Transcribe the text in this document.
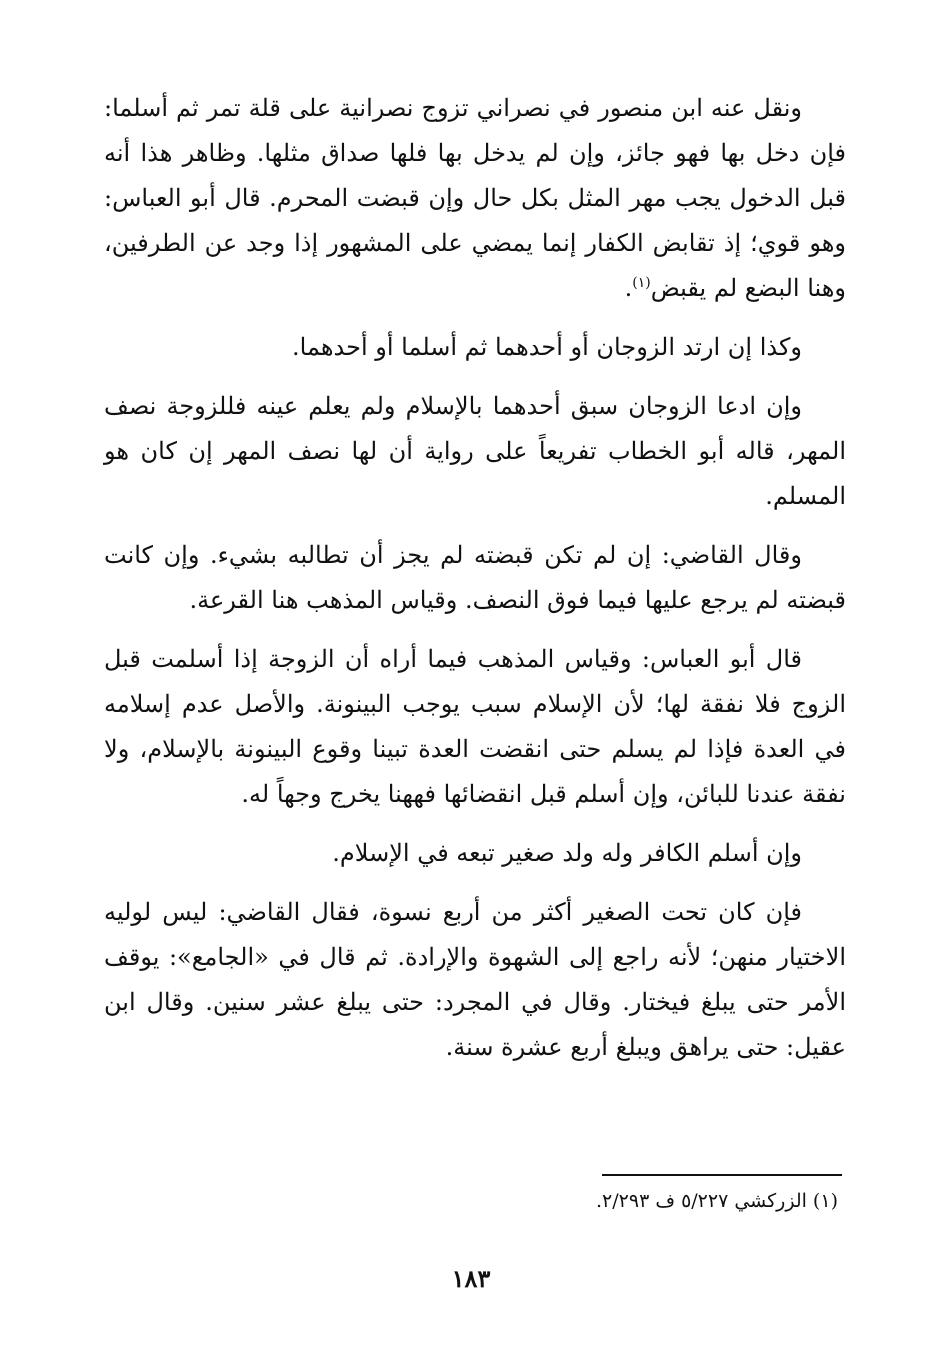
ونقل عنه ابن منصور في نصراني تزوج نصرانية على قلة تمر ثم أسلما: فإن دخل بها فهو جائز، وإن لم يدخل بها فلها صداق مثلها. وظاهر هذا أنه قبل الدخول يجب مهر المثل بكل حال وإن قبضت المحرم. قال أبو العباس: وهو قوي؛ إذ تقابض الكفار إنما يمضي على المشهور إذا وجد عن الطرفين، وهنا البضع لم يقبض$^{(١)}$.

وكذا إن ارتد الزوجان أو أحدهما ثم أسلما أو أحدهما.

وإن ادعا الزوجان سبق أحدهما بالإسلام ولم يعلم عينه فللزوجة نصف المهر، قاله أبو الخطاب تفريعاً على رواية أن لها نصف المهر إن كان هو المسلم.

وقال القاضي: إن لم تكن قبضته لم يجز أن تطالبه بشيء. وإن كانت قبضته لم يرجع عليها فيما فوق النصف. وقياس المذهب هنا القرعة.

قال أبو العباس: وقياس المذهب فيما أراه أن الزوجة إذا أسلمت قبل الزوج فلا نفقة لها؛ لأن الإسلام سبب يوجب البينونة. والأصل عدم إسلامه في العدة فإذا لم يسلم حتى انقضت العدة تبينا وقوع البينونة بالإسلام، ولا نفقة عندنا للبائن، وإن أسلم قبل انقضائها فههنا يخرج وجهاً له.

وإن أسلم الكافر وله ولد صغير تبعه في الإسلام.

فإن كان تحت الصغير أكثر من أربع نسوة، فقال القاضي: ليس لوليه الاختيار منهن؛ لأنه راجع إلى الشهوة والإرادة. ثم قال في «الجامع»: يوقف الأمر حتى يبلغ فيختار. وقال في المجرد: حتى يبلغ عشر سنين. وقال ابن عقيل: حتى يراهق ويبلغ أربع عشرة سنة.

(١) الزركشي ٥/٢٢٧ ف ٢/٢٩٣.
١٨٣
